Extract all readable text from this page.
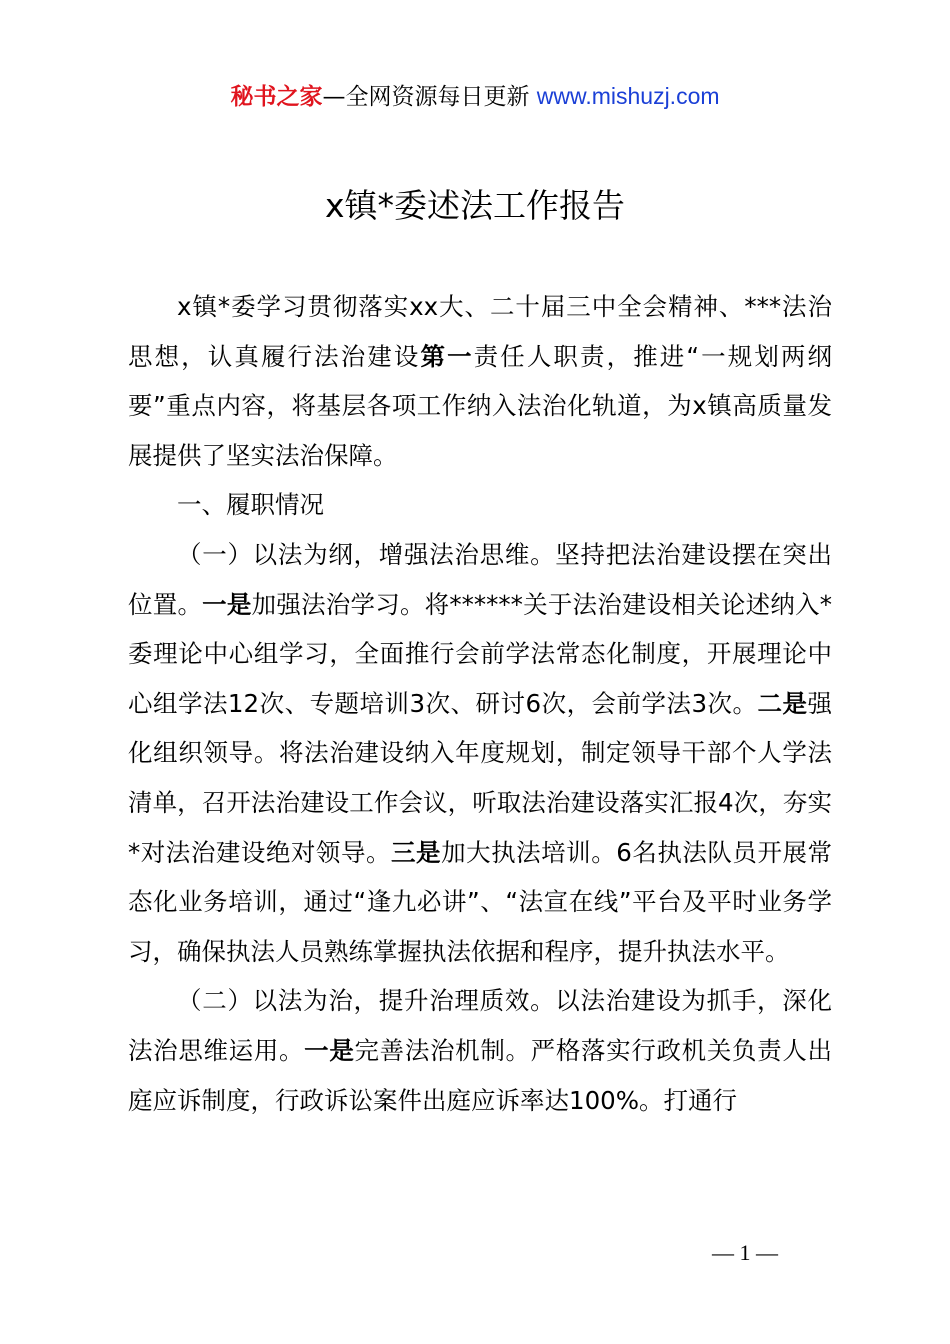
秘书之家—全网资源每日更新 www.mishuzj.com
x镇*委述法工作报告

x镇*委学习贯彻落实xx大、二十届三中全会精神、***法治思想，认真履行法治建设第一责任人职责，推进“一规划两纲要”重点内容，将基层各项工作纳入法治化轨道，为x镇高质量发展提供了坚实法治保障。

一、履职情况

（一）以法为纲，增强法治思维。坚持把法治建设摆在突出位置。一是加强法治学习。将******关于法治建设相关论述纳入*委理论中心组学习，全面推行会前学法常态化制度，开展理论中心组学法12次、专题培训3次、研讨6次，会前学法3次。二是强化组织领导。将法治建设纳入年度规划，制定领导干部个人学法清单，召开法治建设工作会议，听取法治建设落实汇报4次，夯实*对法治建设绝对领导。三是加大执法培训。6名执法队员开展常态化业务培训，通过“逢九必讲”、“法宣在线”平台及平时业务学习，确保执法人员熟练掌握执法依据和程序，提升执法水平。

（二）以法为治，提升治理质效。以法治建设为抓手，深化法治思维运用。一是完善法治机制。严格落实行政机关负责人出庭应诉制度，行政诉讼案件出庭应诉率达100%。打通行

— 1 —
